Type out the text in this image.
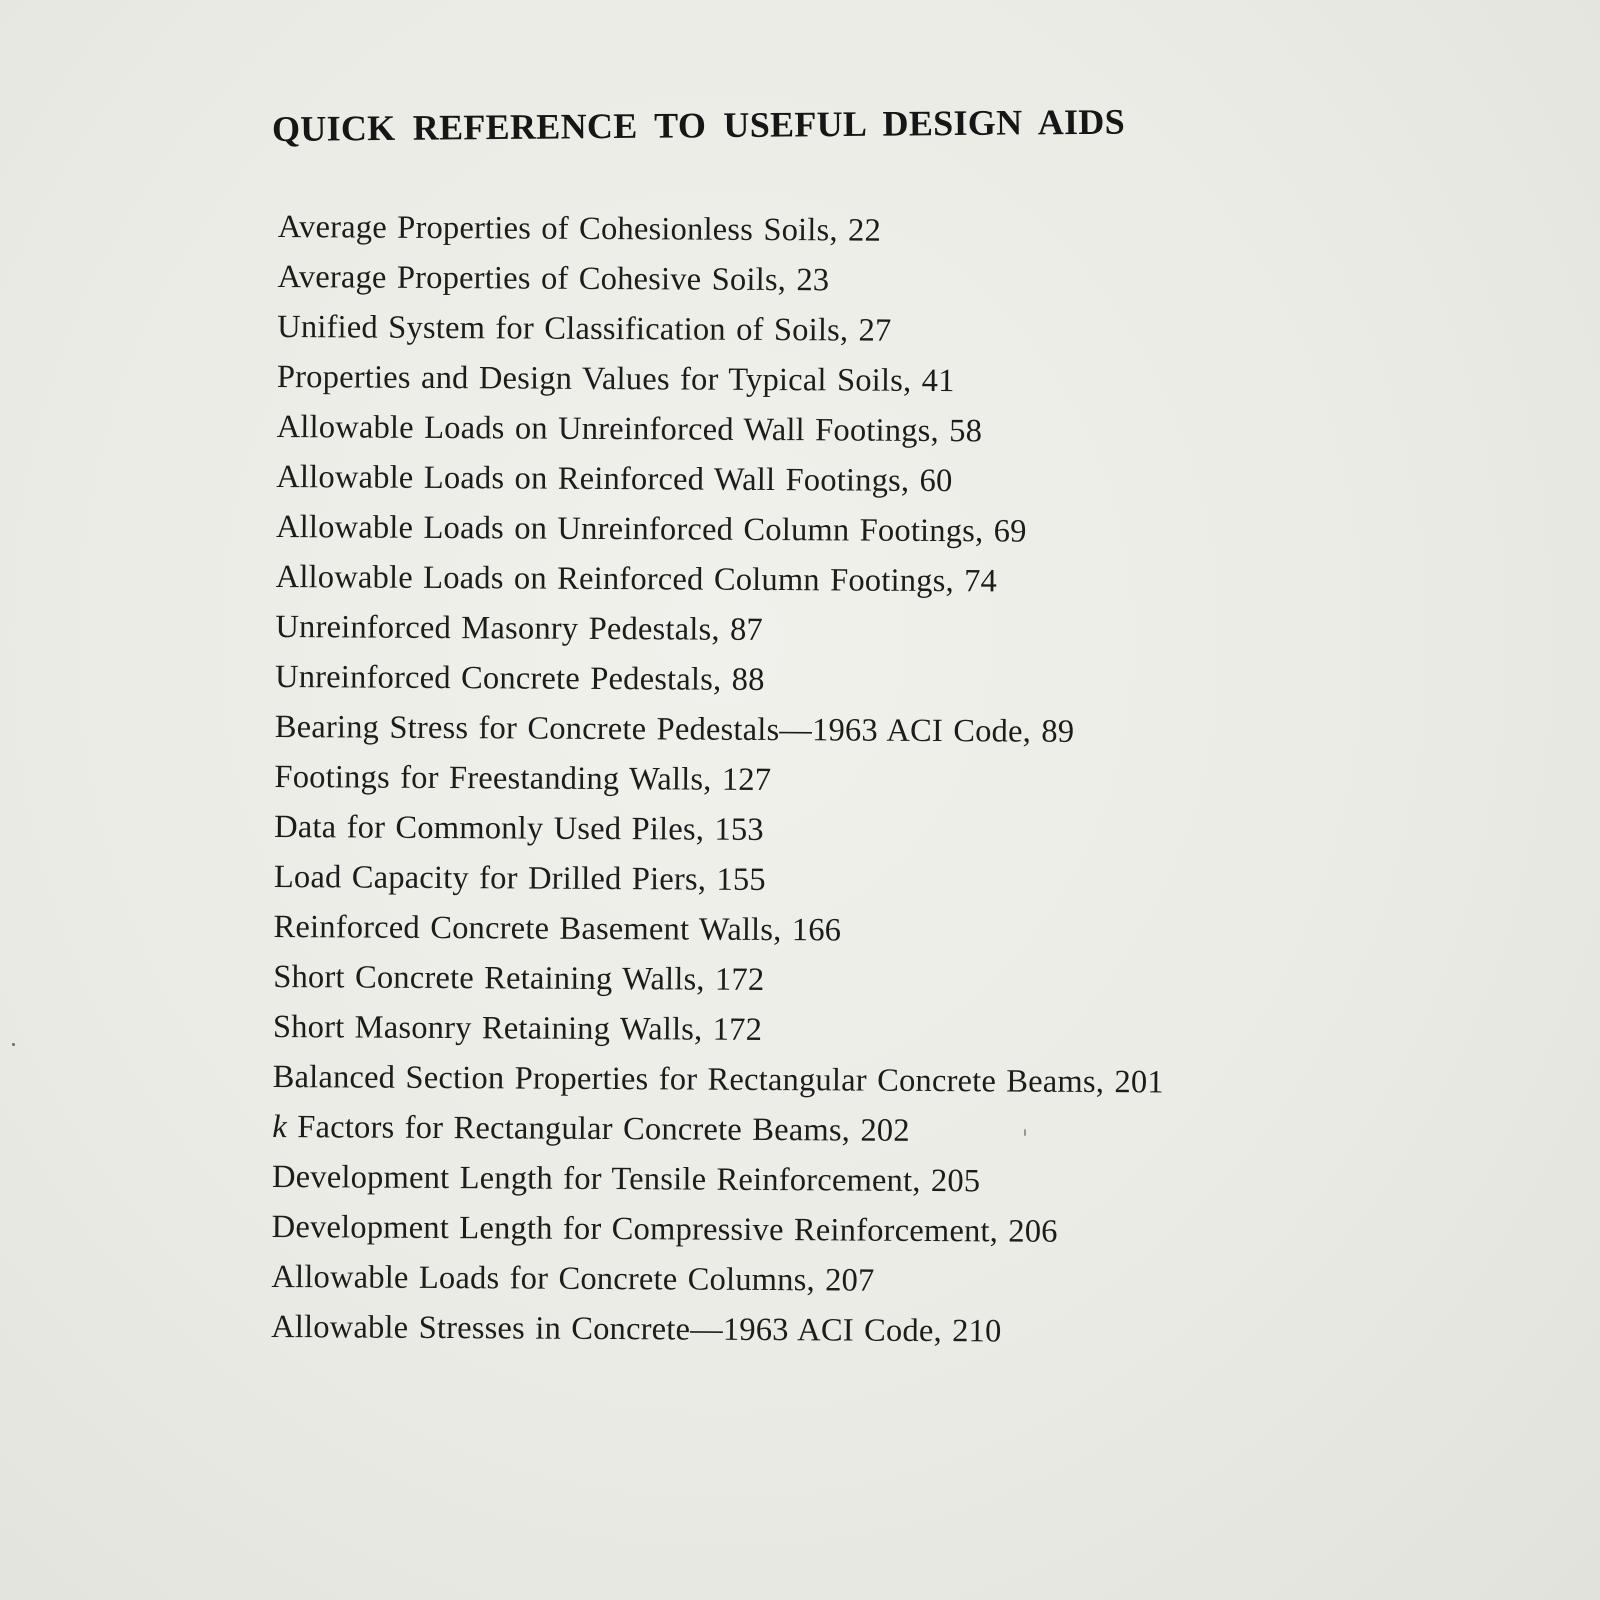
QUICK REFERENCE TO USEFUL DESIGN AIDS
Average Properties of Cohesionless Soils, 22
Average Properties of Cohesive Soils, 23
Unified System for Classification of Soils, 27
Properties and Design Values for Typical Soils, 41
Allowable Loads on Unreinforced Wall Footings, 58
Allowable Loads on Reinforced Wall Footings, 60
Allowable Loads on Unreinforced Column Footings, 69
Allowable Loads on Reinforced Column Footings, 74
Unreinforced Masonry Pedestals, 87
Unreinforced Concrete Pedestals, 88
Bearing Stress for Concrete Pedestals—1963 ACI Code, 89
Footings for Freestanding Walls, 127
Data for Commonly Used Piles, 153
Load Capacity for Drilled Piers, 155
Reinforced Concrete Basement Walls, 166
Short Concrete Retaining Walls, 172
Short Masonry Retaining Walls, 172
Balanced Section Properties for Rectangular Concrete Beams, 201
k Factors for Rectangular Concrete Beams, 202
Development Length for Tensile Reinforcement, 205
Development Length for Compressive Reinforcement, 206
Allowable Loads for Concrete Columns, 207
Allowable Stresses in Concrete—1963 ACI Code, 210
